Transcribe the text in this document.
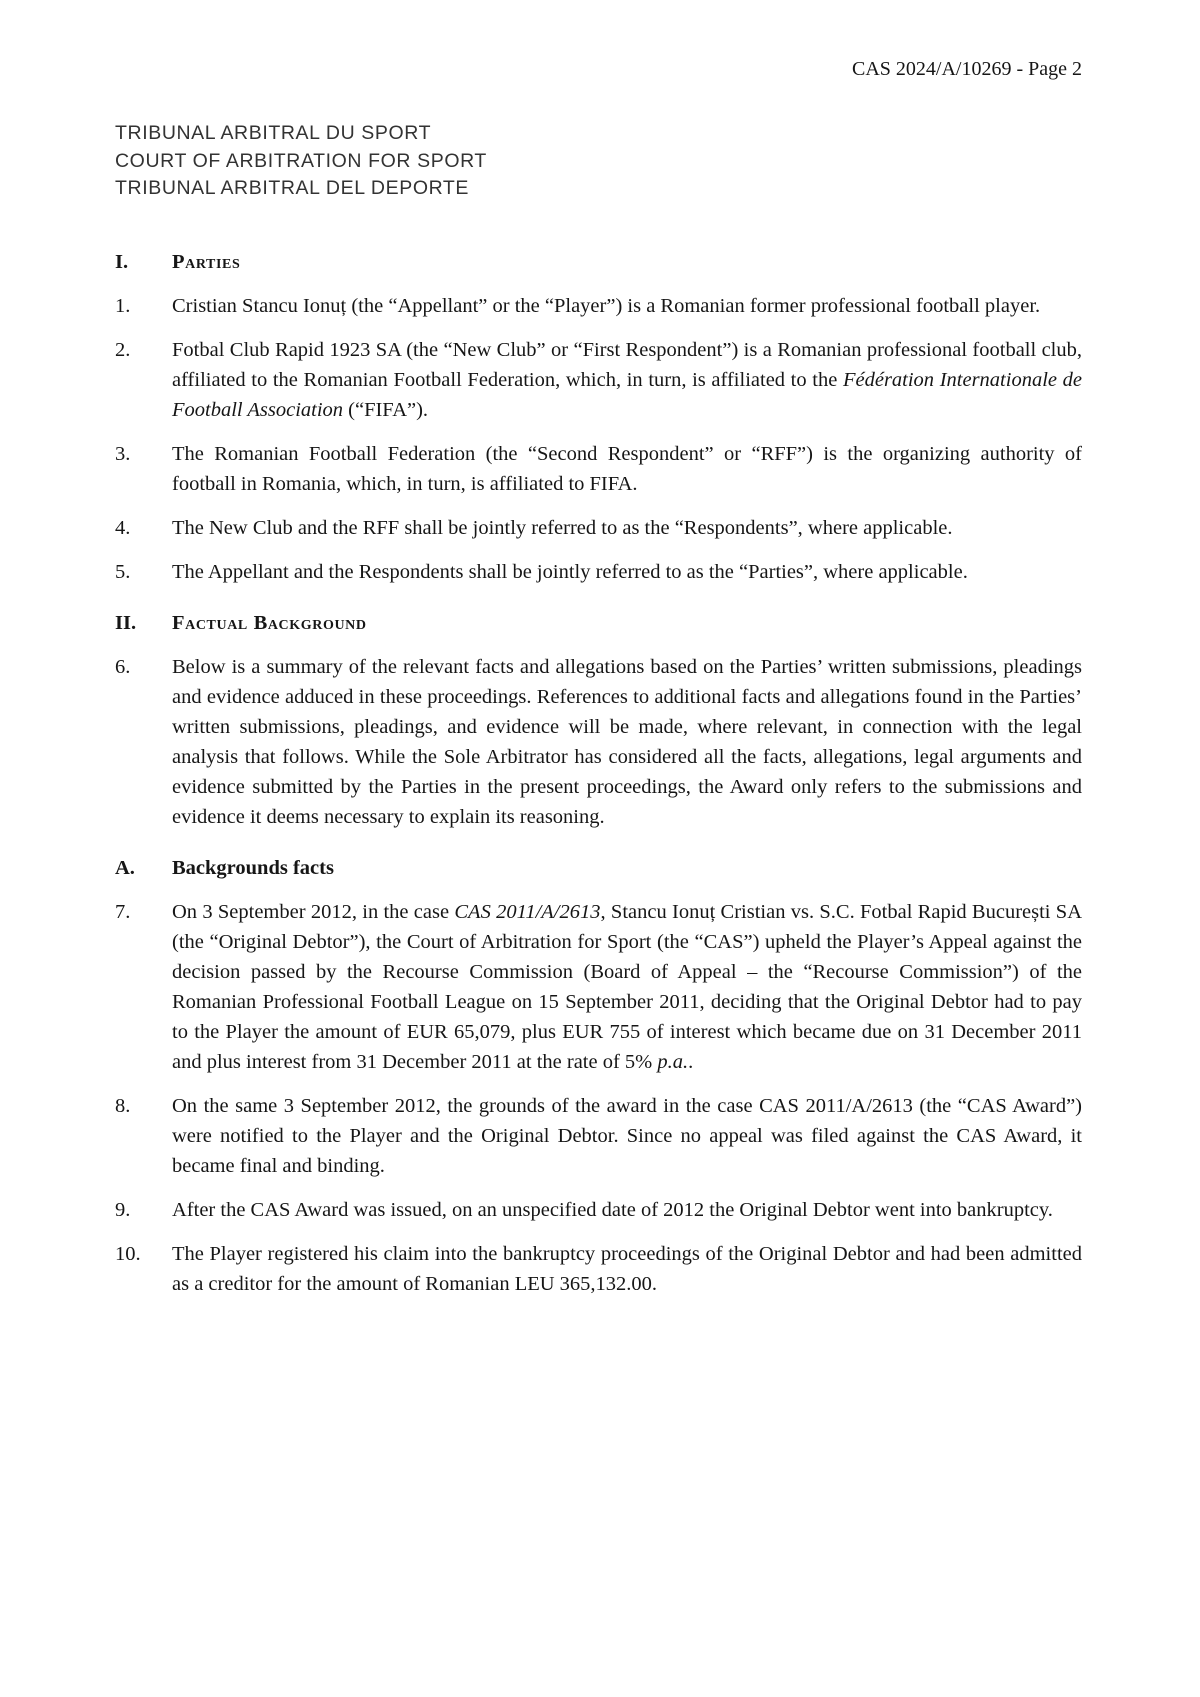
CAS 2024/A/10269 - Page 2
TRIBUNAL ARBITRAL DU SPORT
COURT OF ARBITRATION FOR SPORT
TRIBUNAL ARBITRAL DEL DEPORTE
I.	Parties
1.	Cristian Stancu Ionuț (the “Appellant” or the “Player”) is a Romanian former professional football player.
2.	Fotbal Club Rapid 1923 SA (the “New Club” or “First Respondent”) is a Romanian professional football club, affiliated to the Romanian Football Federation, which, in turn, is affiliated to the Fédération Internationale de Football Association (“FIFA”).
3.	The Romanian Football Federation (the “Second Respondent” or “RFF”) is the organizing authority of football in Romania, which, in turn, is affiliated to FIFA.
4.	The New Club and the RFF shall be jointly referred to as the “Respondents”, where applicable.
5.	The Appellant and the Respondents shall be jointly referred to as the “Parties”, where applicable.
II.	Factual Background
6.	Below is a summary of the relevant facts and allegations based on the Parties’ written submissions, pleadings and evidence adduced in these proceedings. References to additional facts and allegations found in the Parties’ written submissions, pleadings, and evidence will be made, where relevant, in connection with the legal analysis that follows. While the Sole Arbitrator has considered all the facts, allegations, legal arguments and evidence submitted by the Parties in the present proceedings, the Award only refers to the submissions and evidence it deems necessary to explain its reasoning.
A.	Backgrounds facts
7.	On 3 September 2012, in the case CAS 2011/A/2613, Stancu Ionuț Cristian vs. S.C. Fotbal Rapid București SA (the “Original Debtor”), the Court of Arbitration for Sport (the “CAS”) upheld the Player’s Appeal against the decision passed by the Recourse Commission (Board of Appeal – the “Recourse Commission”) of the Romanian Professional Football League on 15 September 2011, deciding that the Original Debtor had to pay to the Player the amount of EUR 65,079, plus EUR 755 of interest which became due on 31 December 2011 and plus interest from 31 December 2011 at the rate of 5% p.a..
8.	On the same 3 September 2012, the grounds of the award in the case CAS 2011/A/2613 (the “CAS Award”) were notified to the Player and the Original Debtor. Since no appeal was filed against the CAS Award, it became final and binding.
9.	After the CAS Award was issued, on an unspecified date of 2012 the Original Debtor went into bankruptcy.
10.	The Player registered his claim into the bankruptcy proceedings of the Original Debtor and had been admitted as a creditor for the amount of Romanian LEU 365,132.00.
